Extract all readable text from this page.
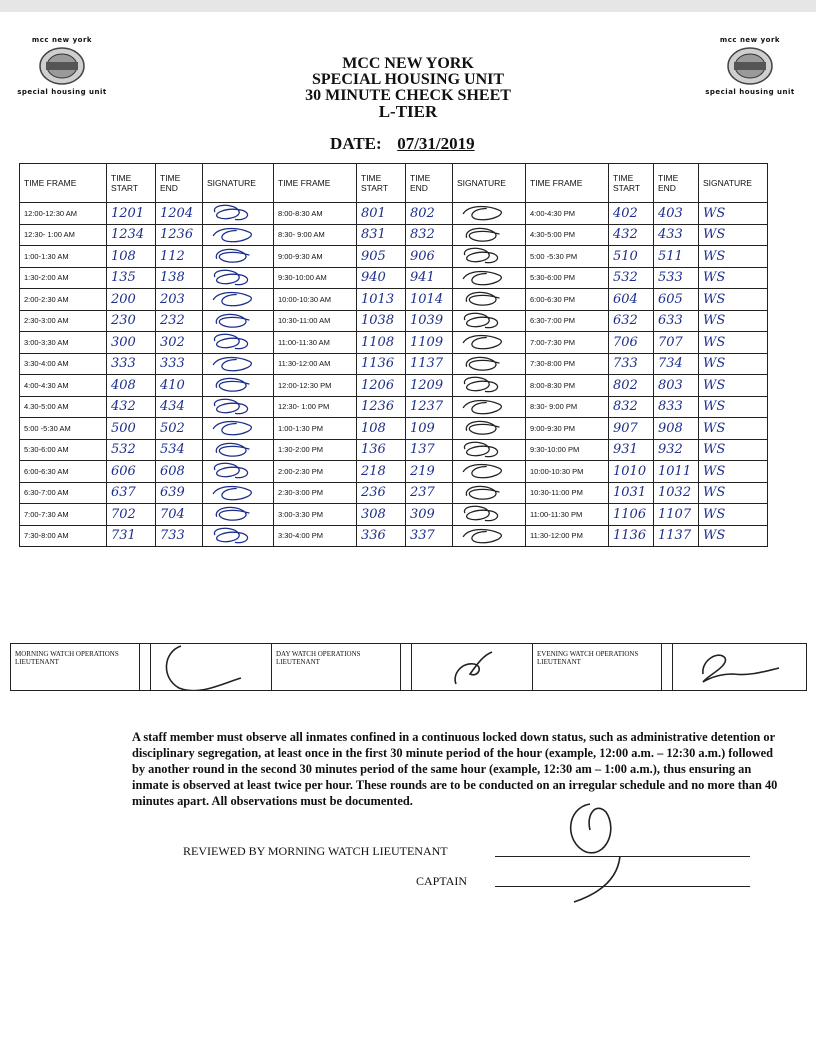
mcc new york
special housing unit
mcc new york
special housing unit
MCC NEW YORK
SPECIAL HOUSING UNIT
30 MINUTE CHECK SHEET
L-TIER
DATE: 07/31/2019
TIME FRAME	TIME START	TIME END	SIGNATURE	TIME FRAME	TIME START	TIME END	SIGNATURE	TIME FRAME	TIME START	TIME END	SIGNATURE
12:00-12:30 AM	1201	1204		8:00-8:30 AM	801	802		4:00-4:30 PM	402	403	WS
12:30- 1:00 AM	1234	1236		8:30- 9:00 AM	831	832		4:30-5:00 PM	432	433	WS
1:00-1:30 AM	108	112		9:00-9:30 AM	905	906		5:00 -5:30 PM	510	511	WS
1:30-2:00 AM	135	138		9:30-10:00 AM	940	941		5:30-6:00 PM	532	533	WS
2:00-2:30 AM	200	203		10:00-10:30 AM	1013	1014		6:00-6:30 PM	604	605	WS
2:30-3:00 AM	230	232		10:30-11:00 AM	1038	1039		6:30-7:00 PM	632	633	WS
3:00-3:30 AM	300	302		11:00-11:30 AM	1108	1109		7:00-7:30 PM	706	707	WS
3:30-4:00 AM	333	333		11:30-12:00 AM	1136	1137		7:30-8:00 PM	733	734	WS
4:00-4:30 AM	408	410		12:00-12:30 PM	1206	1209		8:00-8:30 PM	802	803	WS
4.30-5:00 AM	432	434		12:30- 1:00 PM	1236	1237		8:30- 9:00 PM	832	833	WS
5:00 -5:30 AM	500	502		1:00-1:30 PM	108	109		9:00-9:30 PM	907	908	WS
5:30-6:00 AM	532	534		1:30-2:00 PM	136	137		9:30-10:00 PM	931	932	WS
6:00-6:30 AM	606	608		2:00-2:30 PM	218	219		10:00-10:30 PM	1010	1011	WS
6:30-7:00 AM	637	639		2:30-3:00 PM	236	237		10:30-11:00 PM	1031	1032	WS
7:00-7:30 AM	702	704		3:00-3:30 PM	308	309		11:00-11:30 PM	1106	1107	WS
7:30-8:00 AM	731	733		3:30-4:00 PM	336	337		11:30-12:00 PM	1136	1137	WS
MORNING WATCH OPERATIONS LIEUTENANT
DAY WATCH OPERATIONS LIEUTENANT
EVENING WATCH OPERATIONS LIEUTENANT
A staff member must observe all inmates confined in a continuous locked down status, such as administrative detention or disciplinary segregation, at least once in the first 30 minute period of the hour (example, 12:00 a.m. – 12:30 a.m.) followed by another round in the second 30 minutes period of the same hour (example, 12:30 am – 1:00 a.m.), thus ensuring an inmate is observed at least twice per hour. These rounds are to be conducted on an irregular schedule and no more than 40 minutes apart. All observations must be documented.
REVIEWED BY MORNING WATCH LIEUTENANT
CAPTAIN
